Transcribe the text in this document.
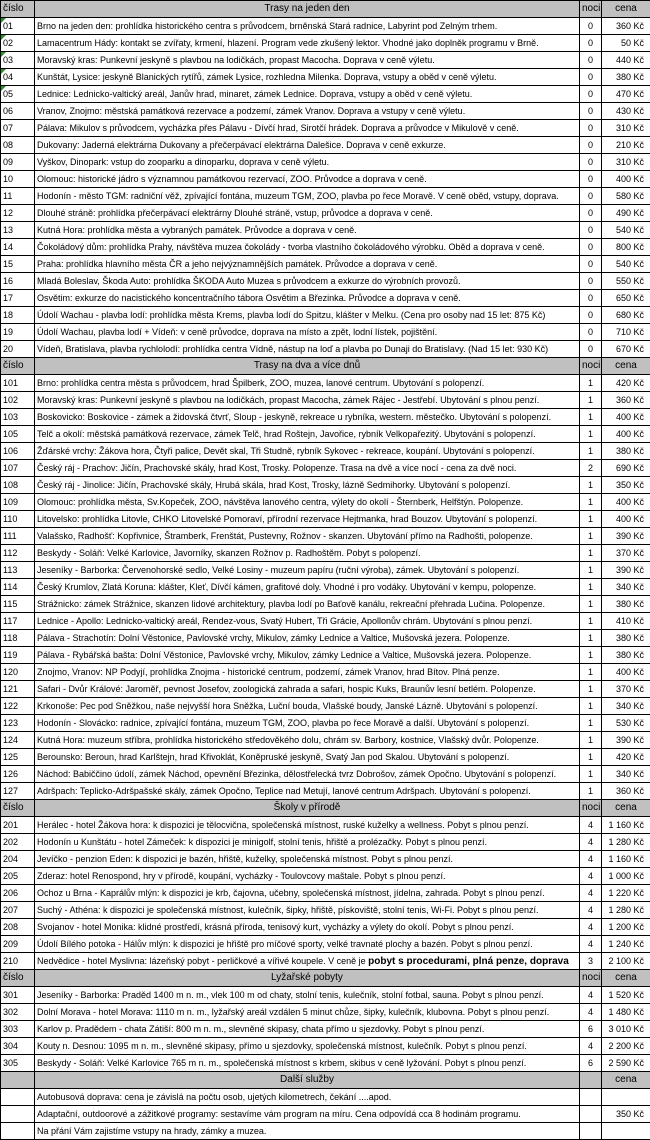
číslo	Trasy na jeden den	noci	cena

01	Brno na jeden den: prohlídka historického centra s průvodcem, brněnská Stará radnice, Labyrint pod Zelným trhem.	0	360 Kč

02	Lamacentrum Hády: kontakt se zvířaty, krmení, hlazení. Program vede zkušený lektor. Vhodné jako doplněk programu v Brně.	0	50 Kč

03	Moravský kras: Punkevní jeskyně s plavbou na lodičkách, propast Macocha. Doprava v ceně výletu.	0	440 Kč

04	Kunštát, Lysice: jeskyně Blanických rytířů, zámek Lysice, rozhledna Milenka. Doprava, vstupy a oběd v ceně výletu.	0	380 Kč

05	Lednice: Lednicko-valtický areál, Janův hrad, minaret, zámek Lednice. Doprava, vstupy a oběd v ceně výletu.	0	470 Kč
06	Vranov, Znojmo: městská památková rezervace a podzemí, zámek Vranov. Doprava a vstupy v ceně výletu.	0	430 Kč
07	Pálava: Mikulov s průvodcem, vycházka přes Pálavu - Dívčí hrad, Sirotčí hrádek. Doprava a průvodce v Mikulově v ceně.	0	310 Kč
08	Dukovany: Jaderná elektrárna Dukovany a přečerpávací elektrárna Dalešice. Doprava v ceně exkurze.	0	210 Kč
09	Vyškov, Dinopark: vstup do zooparku a dinoparku, doprava v ceně výletu.	0	310 Kč
10	Olomouc: historické jádro s významnou památkovou rezervací, ZOO. Průvodce a doprava v ceně.	0	400 Kč
11	Hodonín - město TGM: radniční věž, zpívající fontána, muzeum TGM, ZOO, plavba po řece Moravě. V ceně oběd, vstupy, doprava.	0	580 Kč
12	Dlouhé stráně: prohlídka přečerpávací elektrárny Dlouhé stráně, vstup, průvodce a doprava v ceně.	0	490 Kč
13	Kutná Hora: prohlídka města a vybraných památek. Průvodce a doprava v ceně.	0	540 Kč
14	Čokoládový dům: prohlídka Prahy, návštěva muzea čokolády - tvorba vlastního čokoládového výrobku. Oběd a doprava v ceně.	0	800 Kč
15	Praha: prohlídka hlavního města ČR a jeho nejvýznamnějších památek. Průvodce a doprava v ceně.	0	540 Kč
16	Mladá Boleslav, Škoda Auto: prohlídka ŠKODA Auto Muzea s průvodcem a exkurze do výrobních provozů.	0	550 Kč
17	Osvětim: exkurze do nacistického koncentračního tábora Osvětim a Březinka. Průvodce a doprava v ceně.	0	650 Kč
18	Údolí Wachau - plavba lodí: prohlídka města Krems, plavba lodí do Spitzu, klášter v Melku. (Cena pro osoby nad 15 let: 875 Kč)	0	680 Kč
19	Údolí Wachau, plavba lodí + Vídeň: v ceně průvodce, doprava na místo a zpět, lodní lístek, pojištění.	0	710 Kč
20	Vídeň, Bratislava, plavba rychlolodí: prohlídka centra Vídně, nástup na loď a plavba po Dunaji do Bratislavy. (Nad 15 let: 930 Kč)	0	670 Kč
číslo	Trasy na dva a více dnů	noci	cena
101	Brno: prohlídka centra města s průvodcem, hrad Špilberk, ZOO, muzea, lanové centrum. Ubytování s polopenzí.	1	420 Kč
102	Moravský kras: Punkevní jeskyně s plavbou na lodičkách, propast Macocha, zámek Rájec - Jestřebí. Ubytování s plnou penzí.	1	360 Kč
103	Boskovicko: Boskovice - zámek a židovská čtvrť, Sloup - jeskyně, rekreace u rybníka, western. městečko. Ubytování s polopenzí.	1	400 Kč
105	Telč a okolí: městská památková rezervace, zámek Telč, hrad Roštejn, Javořice, rybník Velkopařezitý. Ubytování s polopenzí.	1	400 Kč
106	Žďárské vrchy: Žákova hora, Čtyři palice, Devět skal, Tři Studně, rybník Sykovec - rekreace, koupání. Ubytování s polopenzí.	1	380 Kč
107	Český ráj - Prachov: Jičín, Prachovské skály, hrad Kost, Trosky. Polopenze. Trasa na dvě a více nocí - cena za dvě noci.	2	690 Kč
108	Český ráj - Jinolice: Jičín, Prachovské skály, Hrubá skála, hrad Kost, Trosky, lázně Sedmihorky. Ubytování s polopenzí.	1	350 Kč
109	Olomouc: prohlídka města, Sv.Kopeček, ZOO, návštěva lanového centra, výlety do okolí - Šternberk, Helfštýn. Polopenze.	1	400 Kč
110	Litovelsko: prohlídka Litovle, CHKO Litovelské Pomoraví, přírodní rezervace Hejtmanka, hrad Bouzov. Ubytování s polopenzí.	1	400 Kč
111	Valašsko, Radhošť: Kopřivnice, Štramberk, Frenštát, Pustevny, Rožnov - skanzen. Ubytování přímo na Radhošti, polopenze.	1	390 Kč
112	Beskydy - Soláň: Velké Karlovice, Javorníky, skanzen Rožnov p. Radhoštěm. Pobyt s polopenzí.	1	370 Kč
113	Jeseníky - Barborka: Červenohorské sedlo, Velké Losiny - muzeum papíru (ruční výroba), zámek. Ubytování s polopenzí.	1	390 Kč
114	Český Krumlov, Zlatá Koruna: klášter, Kleť, Dívčí kámen, grafitové doly. Vhodné i pro vodáky. Ubytování v kempu, polopenze.	1	340 Kč
115	Strážnicko: zámek Strážnice, skanzen lidové architektury, plavba lodí po Baťově kanálu, rekreační přehrada Lučina. Polopenze.	1	380 Kč
117	Lednice - Apollo: Lednicko-valtický areál, Rendez-vous, Svatý Hubert, Tři Grácie, Apollonův chrám. Ubytování s plnou penzí.	1	410 Kč
118	Pálava - Strachotín: Dolní Věstonice, Pavlovské vrchy, Mikulov, zámky Lednice a Valtice, Mušovská jezera. Polopenze.	1	380 Kč
119	Pálava - Rybářská bašta: Dolní Věstonice, Pavlovské vrchy, Mikulov, zámky Lednice a Valtice, Mušovská jezera. Polopenze.	1	380 Kč
120	Znojmo, Vranov: NP Podyjí, prohlídka Znojma - historické centrum, podzemí, zámek Vranov, hrad Bítov. Plná penze.	1	400 Kč
121	Safari - Dvůr Králové: Jaroměř, pevnost Josefov, zoologická zahrada a safari, hospic Kuks, Braunův lesní betlém. Polopenze.	1	370 Kč
122	Krkonoše: Pec pod Sněžkou, naše nejvyšší hora Sněžka, Luční bouda, Vlašské boudy, Janské Lázně. Ubytování s polopenzí.	1	340 Kč
123	Hodonín - Slovácko: radnice, zpívající fontána, muzeum TGM, ZOO, plavba po řece Moravě a další. Ubytování s polopenzí.	1	530 Kč
124	Kutná Hora: muzeum stříbra, prohlídka historického středověkého dolu, chrám sv. Barbory, kostnice, Vlašský dvůr. Polopenze.	1	390 Kč
125	Berounsko: Beroun, hrad Karlštejn, hrad Křivoklát, Koněpruské jeskyně, Svatý Jan pod Skalou. Ubytování s polopenzí.	1	420 Kč
126	Náchod: Babiččino údolí, zámek Náchod, opevnění Březinka, dělostřelecká tvrz Dobrošov, zámek Opočno. Ubytování s polopenzí.	1	340 Kč
127	Adršpach: Teplicko-Adršpašské skály, zámek Opočno, Teplice nad Metují, lanové centrum Adršpach. Ubytování s polopenzí.	1	360 Kč
číslo	Školy v přírodě	noci	cena
201	Herálec - hotel Žákova hora: k dispozici je tělocvična, společenská místnost, ruské kuželky a wellness. Pobyt s plnou penzí.	4	1 160 Kč
202	Hodonín u Kunštátu - hotel Zámeček: k dispozici je minigolf, stolní tenis, hřiště a prolézačky. Pobyt s plnou penzí.	4	1 280 Kč
204	Jevíčko - penzion Eden: k dispozici je bazén, hřiště, kuželky, společenská místnost. Pobyt s plnou penzí.	4	1 160 Kč
205	Zderaz: hotel Renospond, hry v přírodě, koupání, vycházky - Toulovcovy maštale. Pobyt s plnou penzí.	4	1 000 Kč
206	Ochoz u Brna - Kaprálův mlýn: k dispozici je krb, čajovna, učebny, společenská místnost, jídelna, zahrada. Pobyt s plnou penzí.	4	1 220 Kč
207	Suchý - Athéna: k dispozici je společenská místnost, kulečník, šipky, hřiště, pískoviště, stolní tenis, Wi-Fi. Pobyt s plnou penzí.	4	1 280 Kč
208	Svojanov - hotel Monika: klidné prostředí, krásná příroda, tenisový kurt, vycházky a výlety do okolí. Pobyt s plnou penzí.	4	1 200 Kč
209	Údolí Bílého potoka - Hálův mlýn: k dispozici je hřiště pro míčové sporty, velké travnaté plochy a bazén. Pobyt s plnou penzí.	4	1 240 Kč
210	Nedvědice - hotel Myslivna: lázeňský pobyt - perličkové a vířivé koupele. V ceně je pobyt s procedurami, plná penze, doprava	3	2 100 Kč
číslo	Lyžařské pobyty	noci	cena
301	Jeseníky - Barborka: Praděd 1400 m n. m., vlek 100 m od chaty, stolní tenis, kulečník, stolní fotbal, sauna. Pobyt s plnou penzí.	4	1 520 Kč
302	Dolní Morava - hotel Morava: 1110 m n. m., lyžařský areál vzdálen 5 minut chůze, šipky, kulečník, klubovna. Pobyt s plnou penzí.	4	1 480 Kč
303	Karlov p. Pradědem - chata Zátiší: 800 m n. m., slevněné skipasy, chata přímo u sjezdovky. Pobyt s plnou penzí.	6	3 010 Kč
304	Kouty n. Desnou: 1095 m n. m., slevněné skipasy, přímo u sjezdovky, společenská místnost, kulečník. Pobyt s plnou penzí.	4	2 200 Kč
305	Beskydy - Soláň: Velké Karlovice 765 m n. m., společenská místnost s krbem, skibus v ceně lyžování. Pobyt s plnou penzí.	6	2 590 Kč
	Další služby		cena
	Autobusová doprava: cena je závislá na počtu osob, ujetých kilometrech, čekání ....apod.		
	Adaptační, outdoorové a zážitkové programy: sestavíme vám program na míru. Cena odpovídá cca 8 hodinám programu.		350 Kč
	Na přání Vám zajistíme vstupy na hrady, zámky a muzea.		
